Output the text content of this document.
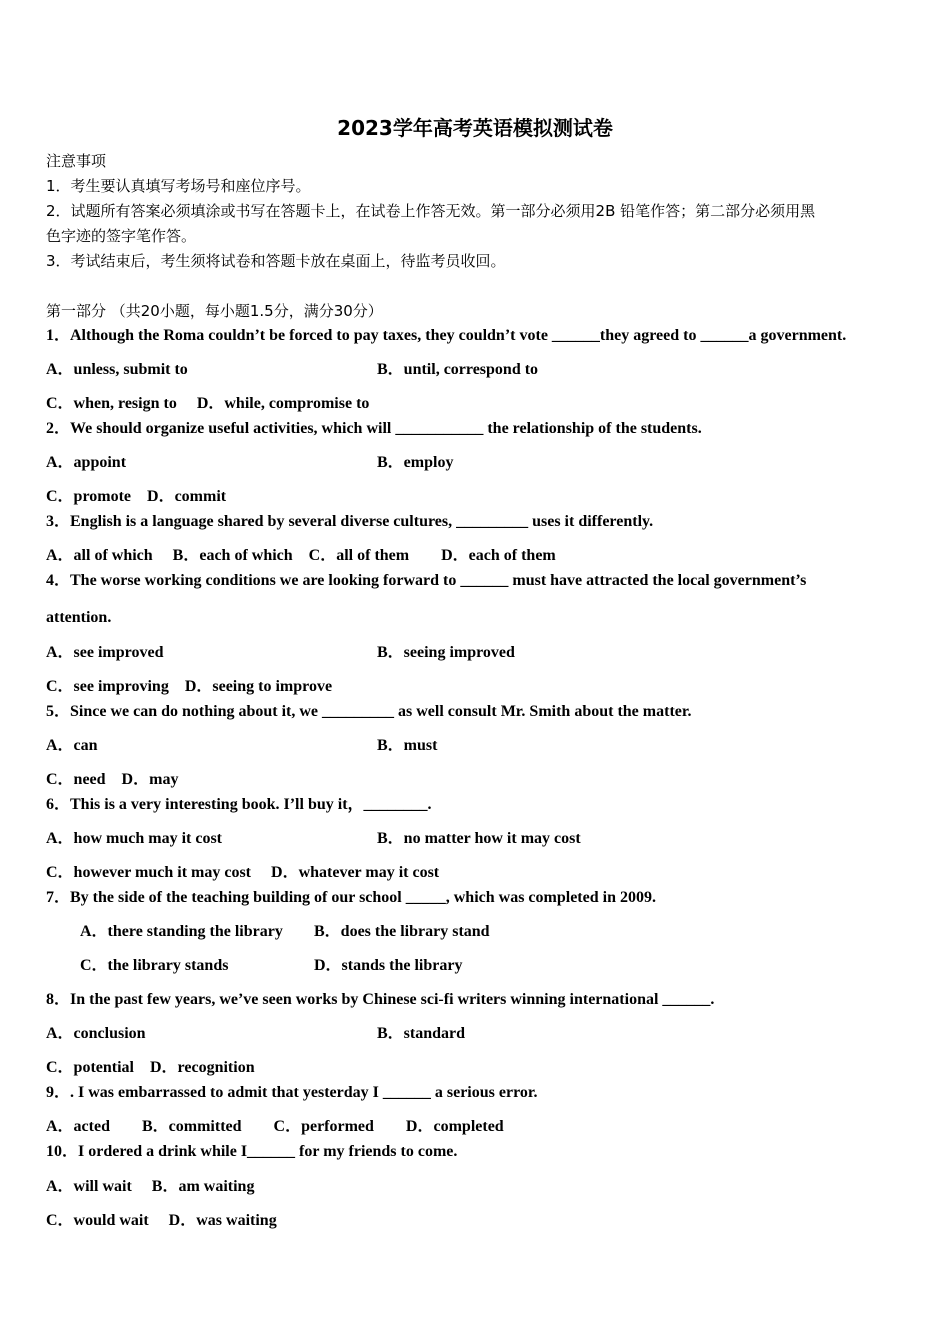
2023学年高考英语模拟测试卷
注意事项
1．考生要认真填写考场号和座位序号。
2．试题所有答案必须填涂或书写在答题卡上，在试卷上作答无效。第一部分必须用2B 铅笔作答；第二部分必须用黑
色字迹的签字笔作答。
3．考试结束后，考生须将试卷和答题卡放在桌面上，待监考员收回。
第一部分 （共20小题，每小题1.5分，满分30分）
1．Although the Roma couldn’t be forced to pay taxes, they couldn’t vote ______they agreed to ______a government.
A．unless, submit to	B．until, correspond to
C．when, resign to　 D．while, compromise to
2．We should organize useful activities, which will ___________ the relationship of the students.
A．appoint	B．employ
C．promote　D．commit
3．English is a language shared by several diverse cultures, _________ uses it differently.
A．all of which　 B．each of which　C．all of them　　D．each of them
4．The worse working conditions we are looking forward to ______ must have attracted the local government’s
attention.
A．see improved	B．seeing improved
C．see improving　D．seeing to improve
5．Since we can do nothing about it, we _________ as well consult Mr. Smith about the matter.
A．can	B．must
C．need　D．may
6．This is a very interesting book. I’ll buy it，________.
A．how much may it cost	B．no matter how it may cost
C．however much it may cost　 D．whatever may it cost
7．By the side of the teaching building of our school _____, which was completed in 2009.
A．there standing the library B．does the library stand
C．the library stands	D．stands the library
8．In the past few years, we’ve seen works by Chinese sci-fi writers winning international ______.
A．conclusion	B．standard
C．potential　D．recognition
9．. I was embarrassed to admit that yesterday I ______ a serious error.
A．acted　　B．committed　　C．performed　　D．completed
10．I ordered a drink while I______ for my friends to come.
A．will wait　 B．am waiting
C．would wait　 D．was waiting
